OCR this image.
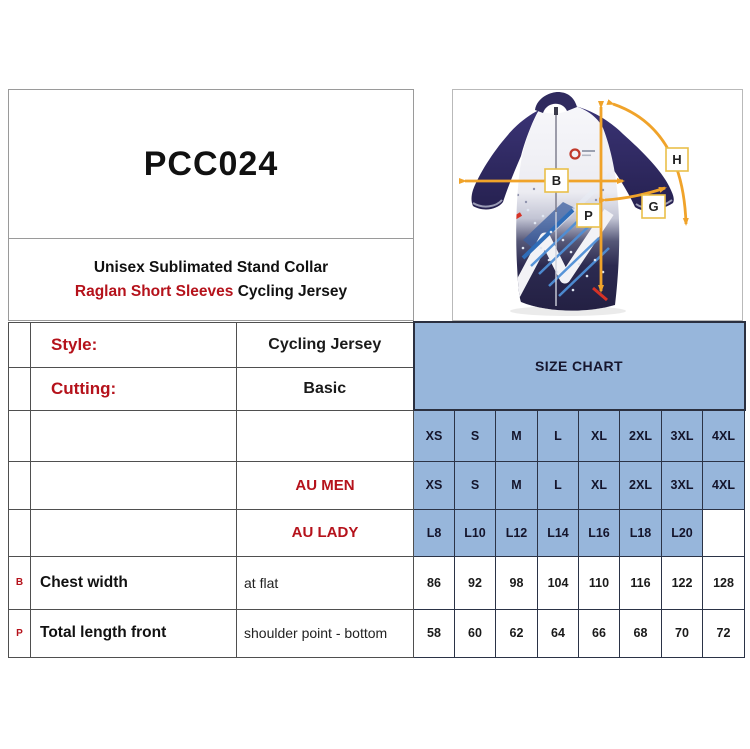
PCC024
Unisex Sublimated Stand Collar
Raglan Short Sleeves Cycling Jersey
B
P
H
G
	Style:	Cycling Jersey	SIZE CHART							
	Cutting:	Basic								
			XS	S	M	L	XL	2XL	3XL	4XL
		AU MEN	XS	S	M	L	XL	2XL	3XL	4XL
		AU LADY	L8	L10	L12	L14	L16	L18	L20	
B	Chest width	at flat	86	92	98	104	110	116	122	128
P	Total length front	shoulder point - bottom	58	60	62	64	66	68	70	72
